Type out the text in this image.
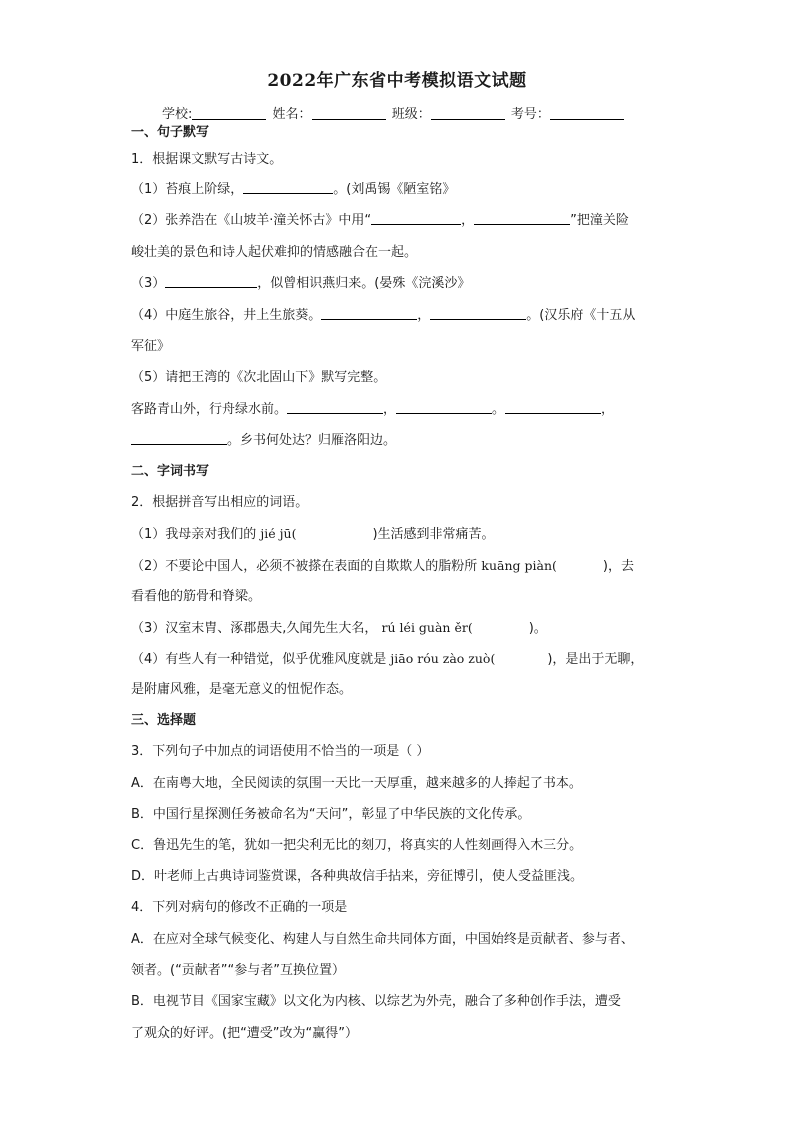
2022年广东省中考模拟语文试题
学校:	姓名：	班级：	考号：
一、句子默写
1．根据课文默写古诗文。
（1）苔痕上阶绿，	。(刘禹锡《陋室铭》
（2）张养浩在《山坡羊·潼关怀古》中用“	，	”把潼关险
峻壮美的景色和诗人起伏难抑的情感融合在一起。
（3）	，似曾相识燕归来。(晏殊《浣溪沙》
（4）中庭生旅谷，井上生旅葵。	，	。(汉乐府《十五从
军征》
（5）请把王湾的《次北固山下》默写完整。
客路青山外，行舟绿水前。	，	。	，
。乡书何处达？归雁洛阳边。
二、字词书写
2．根据拼音写出相应的词语。
（1）我母亲对我们的 jié jū(	)生活感到非常痛苦。
（2）不要论中国人，必须不被搽在表面的自欺欺人的脂粉所 kuāng piàn(	)，去
看看他的筋骨和脊梁。
（3）汉室末胄、涿郡愚夫,久闻先生大名， rú léi guàn ěr(	)。
（4）有些人有一种错觉，似乎优雅风度就是 jiāo róu zào zuò(	)，是出于无聊，
是附庸风雅，是毫无意义的忸怩作态。
三、选择题
3．下列句子中加点的词语使用不恰当的一项是（ ）
A．在南粤大地，全民阅读的氛围一天比一天厚重，越来越多的人捧起了书本。
B．中国行星探测任务被命名为“天问”，彰显了中华民族的文化传承。
C．鲁迅先生的笔，犹如一把尖利无比的刻刀，将真实的人性刻画得入木三分。
D．叶老师上古典诗词鉴赏课，各种典故信手拈来，旁征博引，使人受益匪浅。
4．下列对病句的修改不正确的一项是
A．在应对全球气候变化、构建人与自然生命共同体方面，中国始终是贡献者、参与者、
领者。(“贡献者”“参与者”互换位置）
B．电视节目《国家宝藏》以文化为内核、以综艺为外壳，融合了多种创作手法，遭受
了观众的好评。(把“遭受”改为“赢得”）
